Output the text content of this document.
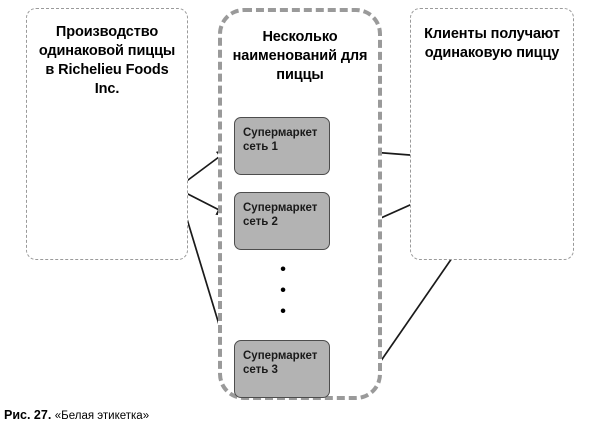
Производство одинаковой пиццы в Richelieu Foods Inc.
Несколько наименований для пиццы
Клиенты получают одинаковую пиццу
Супермаркет сеть 1
Супермаркет сеть 2
Супермаркет сеть 3
•
•
•
Рис. 27. «Белая этикетка»
